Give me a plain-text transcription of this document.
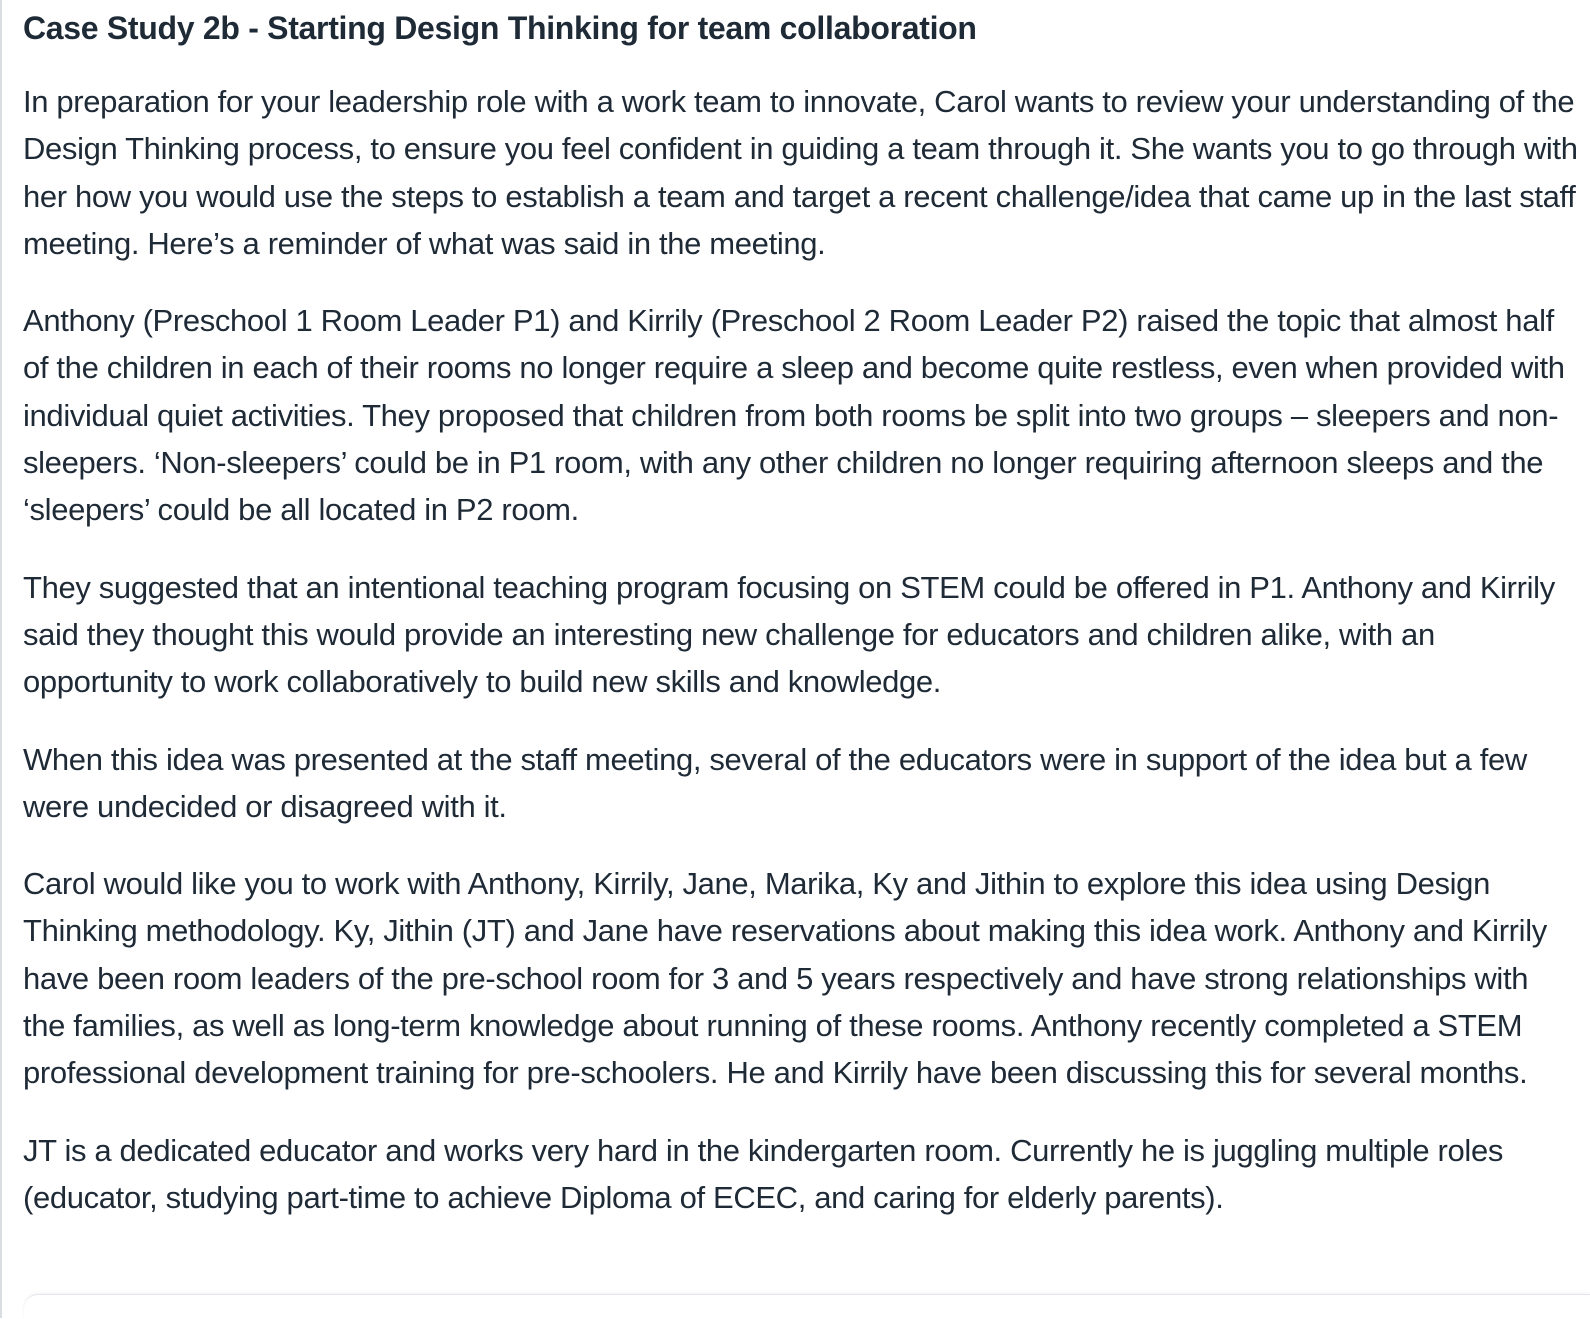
Case Study 2b - Starting Design Thinking for team collaboration

In preparation for your leadership role with a work team to innovate, Carol wants to review your understanding of the Design Thinking process, to ensure you feel confident in guiding a team through it. She wants you to go through with her how you would use the steps to establish a team and target a recent challenge/idea that came up in the last staff meeting. Here’s a reminder of what was said in the meeting.

Anthony (Preschool 1 Room Leader P1) and Kirrily (Preschool 2 Room Leader P2) raised the topic that almost half of the children in each of their rooms no longer require a sleep and become quite restless, even when provided with individual quiet activities. They proposed that children from both rooms be split into two groups – sleepers and non-sleepers. ‘Non-sleepers’ could be in P1 room, with any other children no longer requiring afternoon sleeps and the ‘sleepers’ could be all located in P2 room.

They suggested that an intentional teaching program focusing on STEM could be offered in P1. Anthony and Kirrily said they thought this would provide an interesting new challenge for educators and children alike, with an opportunity to work collaboratively to build new skills and knowledge.

When this idea was presented at the staff meeting, several of the educators were in support of the idea but a few were undecided or disagreed with it.

Carol would like you to work with Anthony, Kirrily, Jane, Marika, Ky and Jithin to explore this idea using Design Thinking methodology. Ky, Jithin (JT) and Jane have reservations about making this idea work. Anthony and Kirrily have been room leaders of the pre-school room for 3 and 5 years respectively and have strong relationships with the families, as well as long-term knowledge about running of these rooms. Anthony recently completed a STEM professional development training for pre-schoolers. He and Kirrily have been discussing this for several months.

JT is a dedicated educator and works very hard in the kindergarten room. Currently he is juggling multiple roles (educator, studying part-time to achieve Diploma of ECEC, and caring for elderly parents).
